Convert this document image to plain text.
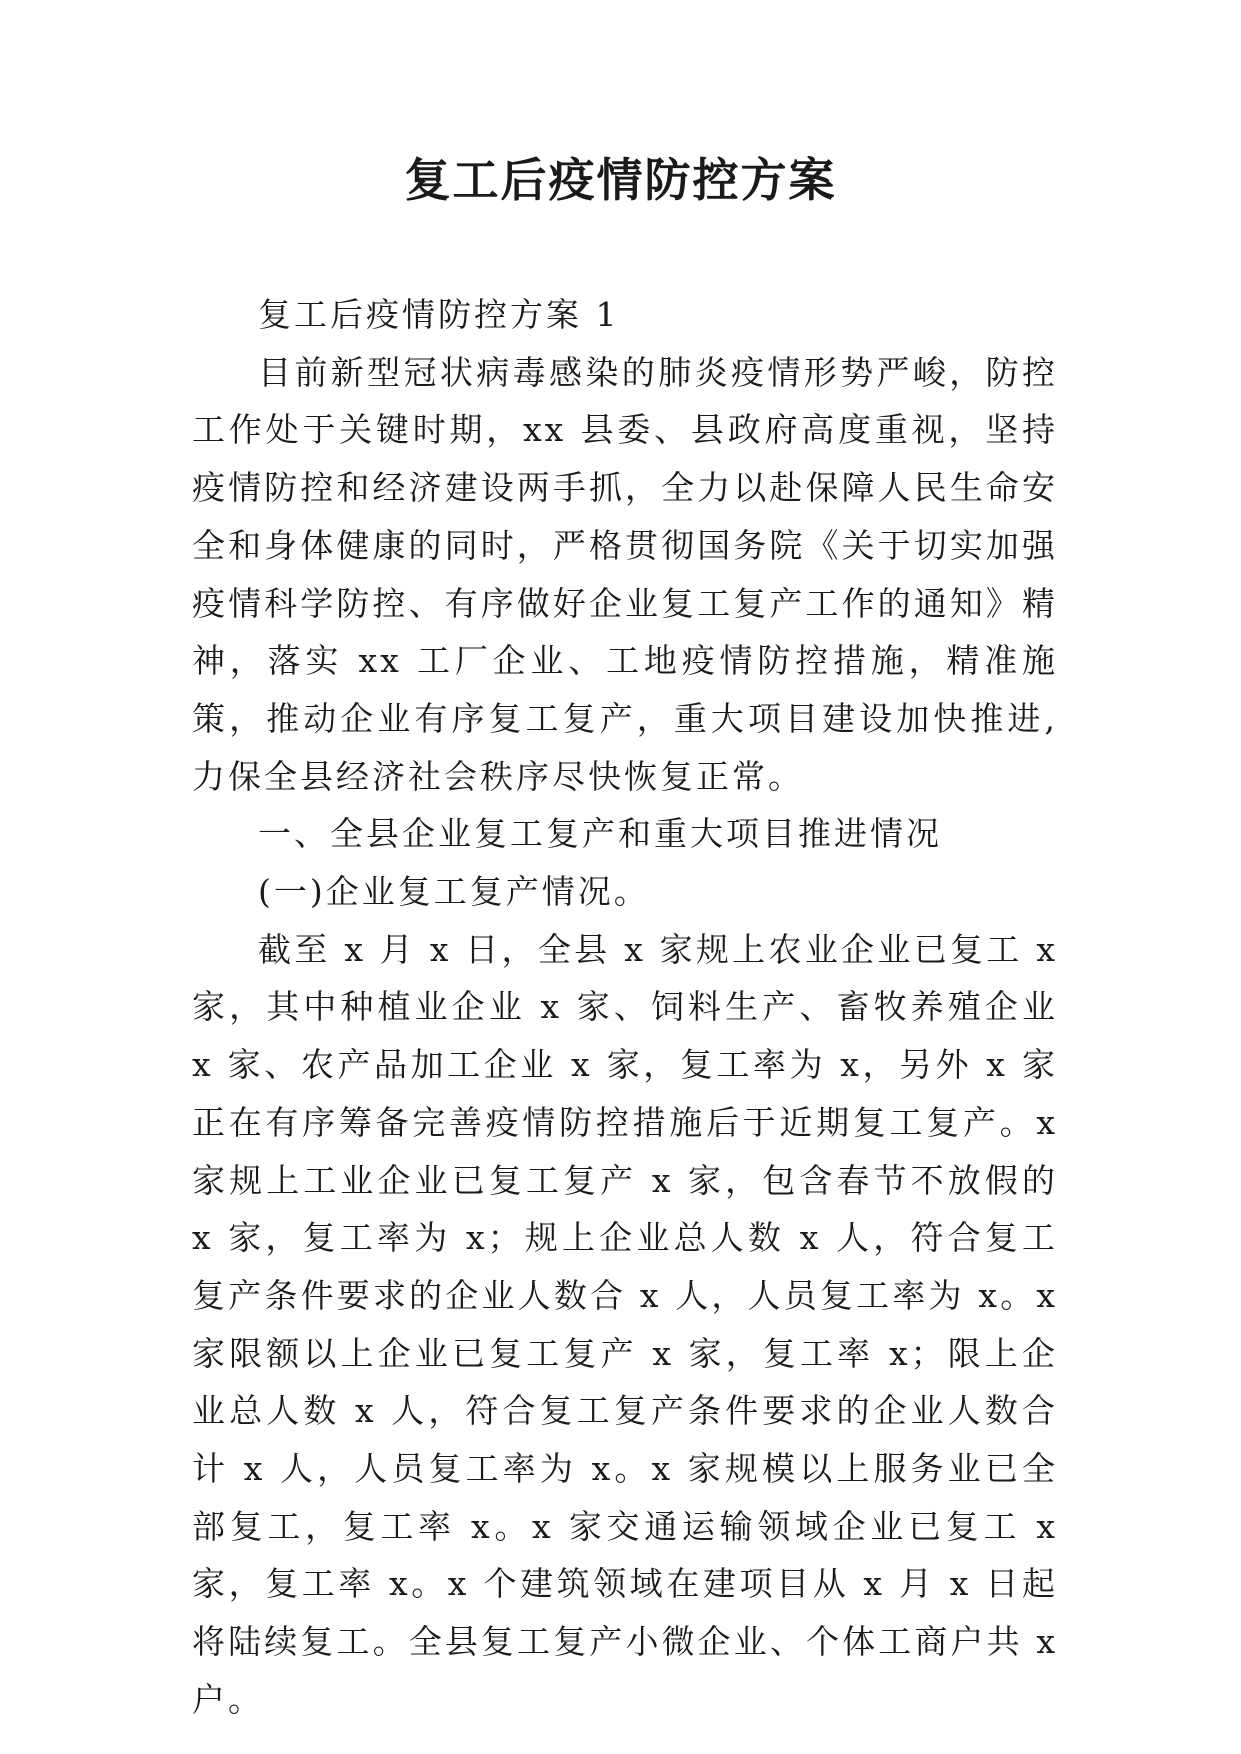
复工后疫情防控方案

复工后疫情防控方案 1

目前新型冠状病毒感染的肺炎疫情形势严峻，防控工作处于关键时期，xx 县委、县政府高度重视，坚持疫情防控和经济建设两手抓，全力以赴保障人民生命安全和身体健康的同时，严格贯彻国务院《关于切实加强疫情科学防控、有序做好企业复工复产工作的通知》精神，落实 xx 工厂企业、工地疫情防控措施，精准施策，推动企业有序复工复产，重大项目建设加快推进,力保全县经济社会秩序尽快恢复正常。

一、全县企业复工复产和重大项目推进情况

(一)企业复工复产情况。

截至 x 月 x 日，全县 x 家规上农业企业已复工 x 家，其中种植业企业 x 家、饲料生产、畜牧养殖企业 x 家、农产品加工企业 x 家，复工率为 x，另外 x 家正在有序筹备完善疫情防控措施后于近期复工复产。x 家规上工业企业已复工复产 x 家，包含春节不放假的 x 家，复工率为 x；规上企业总人数 x 人，符合复工复产条件要求的企业人数合 x 人，人员复工率为 x。x 家限额以上企业已复工复产 x 家，复工率 x；限上企业总人数 x 人，符合复工复产条件要求的企业人数合计 x 人，人员复工率为 x。x 家规模以上服务业已全部复工，复工率 x。x 家交通运输领域企业已复工 x 家，复工率 x。x 个建筑领域在建项目从 x 月 x 日起将陆续复工。全县复工复产小微企业、个体工商户共 x 户。
